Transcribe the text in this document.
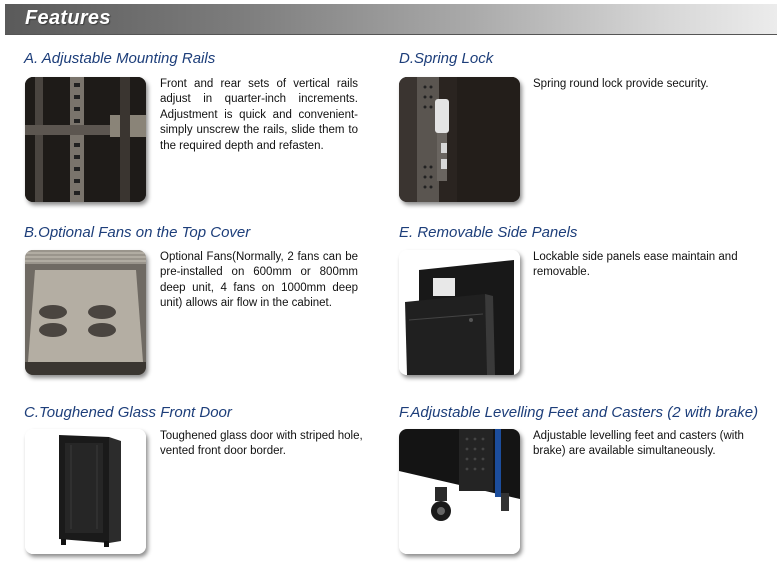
Features
A. Adjustable Mounting Rails
Front and rear sets of vertical rails adjust in quarter-inch increments. Adjustment is quick and convenient-simply unscrew the rails, slide them to the required depth and refasten.
B.Optional Fans on the Top Cover
Optional Fans(Normally, 2 fans can be pre-installed on 600mm or 800mm deep unit, 4 fans on 1000mm deep unit) allows air flow in the cabinet.
C.Toughened Glass Front Door
Toughened glass door with striped hole, vented front door border.
D.Spring Lock
Spring round lock provide security.
E. Removable Side Panels
Lockable side panels ease maintain and removable.
F.Adjustable Levelling Feet and Casters (2 with brake)
Adjustable levelling feet and casters (with brake) are available simultaneously.
